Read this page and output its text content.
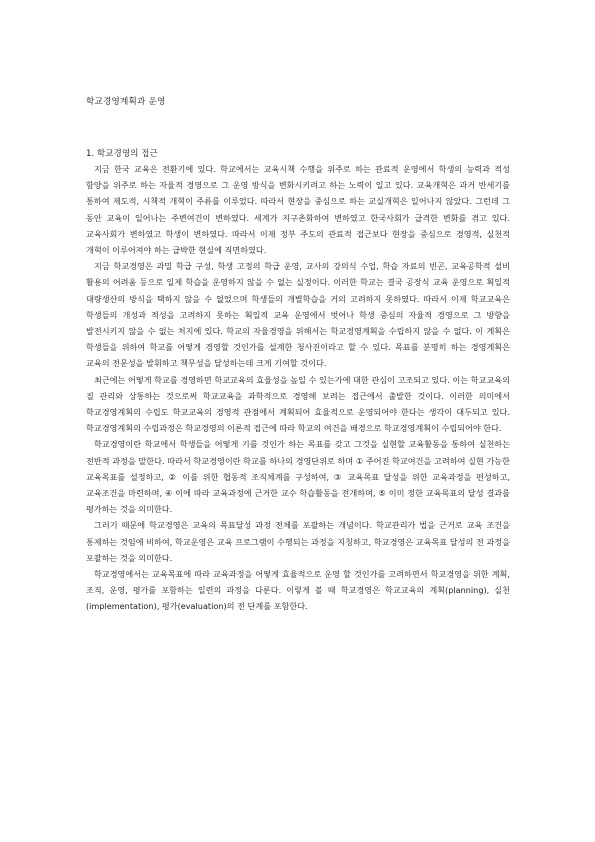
학교경영계획과 운영
1. 학교경영의 접근

지금 한국 교육은 전환기에 있다. 학교에서는 교육시책 수행을 위주로 하는 관료적 운영에서 학생의 능력과 적성 함양을 위주로 하는 자율적 경영으로 그 운영 방식을 변화시키려고 하는 노력이 일고 있다. 교육개혁은 과거 반세기를 통하여 제도적, 시책적 개혁이 주류를 이루었다. 따라서 현장을 중심으로 하는 교실개혁은 일어나지 않았다. 그런데 그 동안 교육이 일어나는 주변여건이 변하였다. 세계가 지구촌화하여 변하였고 한국사회가 급격한 변화를 겪고 있다. 교육사회가 변하였고 학생이 변하였다. 따라서 이제 정부 주도의 관료적 접근보다 현장을 중심으로 경영적, 실천적 개혁이 이루어져야 하는 급박한 현실에 직면하였다.

지금 학교경영은 과밀 학급 구성, 학생 고정의 학급 운영, 교사의 강의식 수업, 학습 자료의 빈곤, 교육공학적 설비 활용의 어려움 등으로 일제 학습을 운영하지 않을 수 없는 실정이다. 이러한 학교는 결국 공장식 교육 운영으로 획일적 대량생산의 방식을 택하지 않을 수 없었으며 학생들의 개별학습을 거의 고려하지 못하였다. 따라서 이제 학교교육은 학생들의 개성과 적성을 고려하지 못하는 획일적 교육 운영에서 벗어나 학생 중심의 자율적 경영으로 그 방향을 발전시키지 않을 수 없는 처지에 있다. 학교의 자율경영을 위해서는 학교경영계획을 수립하지 않을 수 없다. 이 계획은 학생들을 위하여 학교를 어떻게 경영할 것인가를 설계한 청사진이라고 할 수 있다. 목표를 분명히 하는 경영계획은 교육의 전문성을 발휘하고 책무성을 달성하는데 크게 기여할 것이다.

최근에는 어떻게 학교를 경영하면 학교교육의 효율성을 높일 수 있는가에 대한 관심이 고조되고 있다. 이는 학교교육의 질 관리와 상통하는 것으로써 학교교육을 과학적으로 경영해 보려는 접근에서 출발한 것이다. 이러한 의미에서 학교경영계획의 수립도 학교교육의 경영적 관점에서 계획되어 효율적으로 운영되어야 한다는 생각이 대두되고 있다. 학교경영계획의 수립과정은 학교경영의 이론적 접근에 따라 학교의 여건을 배경으로 학교경영계획이 수립되어야 한다.

학교경영이란 학교에서 학생들을 어떻게 기를 것인가 하는 목표를 갖고 그것을 실현할 교육활동을 통하여 실천하는 전반적 과정을 말한다. 따라서 학교경영이란 학교를 하나의 경영단위로 하며 ① 주어진 학교여건을 고려하여 실현 가능한 교육목표를 설정하고, ② 이를 위한 협동적 조직체계를 구성하여, ③ 교육목표 달성을 위한 교육과정을 편성하고, 교육조건을 마련하며, ④ 이에 따라 교육과정에 근거한 교수 학습활동을 전개하며, ⑤ 이미 정한 교육목표의 달성 결과를 평가하는 것을 의미한다.

그러기 때문에 학교경영은 교육의 목표달성 과정 전체를 포괄하는 개념이다. 학교관리가 법을 근거로 교육 조건을 통제하는 것임에 비하여, 학교운영은 교육 프로그램이 수행되는 과정을 지칭하고, 학교경영은 교육목표 달성의 전 과정을 포괄하는 것을 의미한다.

학교경영에서는 교육목표에 따라 교육과정을 어떻게 효율적으로 운영 할 것인가를 고려하면서 학교경영을 위한 계획, 조직, 운영, 평가를 포함하는 일련의 과정을 다룬다. 이렇게 볼 때 학교경영은 학교교육의 계획(planning), 실천(implementation), 평가(evaluation)의 전 단계를 포함한다.
